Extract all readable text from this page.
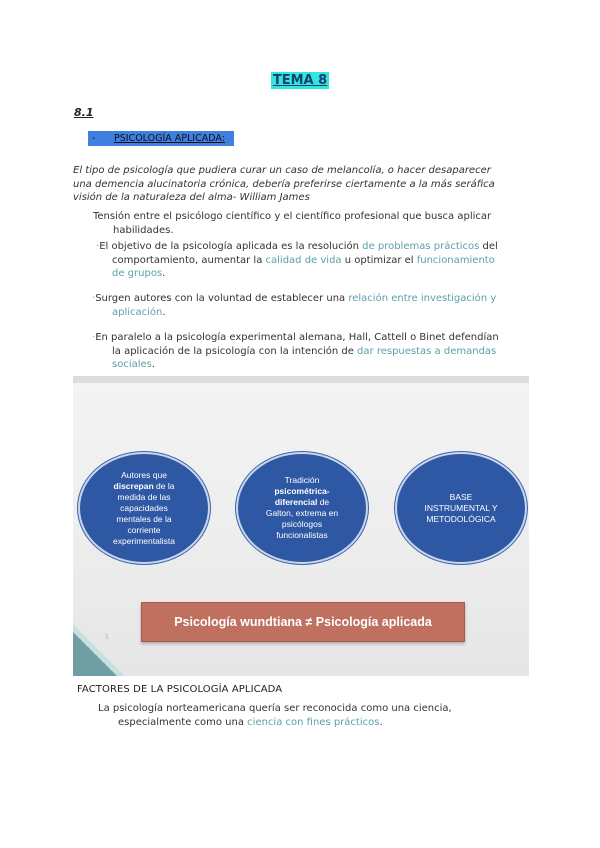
TEMA 8
8.1
- PSICOLOGÍA APLICADA:
El tipo de psicología que pudiera curar un caso de melancolía, o hacer desaparecer
una demencia alucinatoria crónica, debería preferirse ciertamente a la más seráfica
visión de la naturaleza del alma- William James
Tensión entre el psicólogo científico y el científico profesional que busca aplicar
habilidades.
·El objetivo de la psicología aplicada es la resolución de problemas prácticos del
comportamiento, aumentar la calidad de vida u optimizar el funcionamiento
de grupos.
·Surgen autores con la voluntad de establecer una relación entre investigación y
aplicación.
·En paralelo a la psicología experimental alemana, Hall, Cattell o Binet defendían
la aplicación de la psicología con la intención de dar respuestas a demandas
sociales.
Autores que
discrepan de la
medida de las
capacidades
mentales de la
corriente
experimentalista
Tradición
psicométrica-
diferencial de
Galton, extrema en
psicólogos
funcionalistas
BASE
INSTRUMENTAL Y
METODOLÓGICA
Psicología wundtiana ≠ Psicología aplicada
5
FACTORES DE LA PSICOLOGÍA APLICADA
La psicología norteamericana quería ser reconocida como una ciencia,
especialmente como una ciencia con fines prácticos.
